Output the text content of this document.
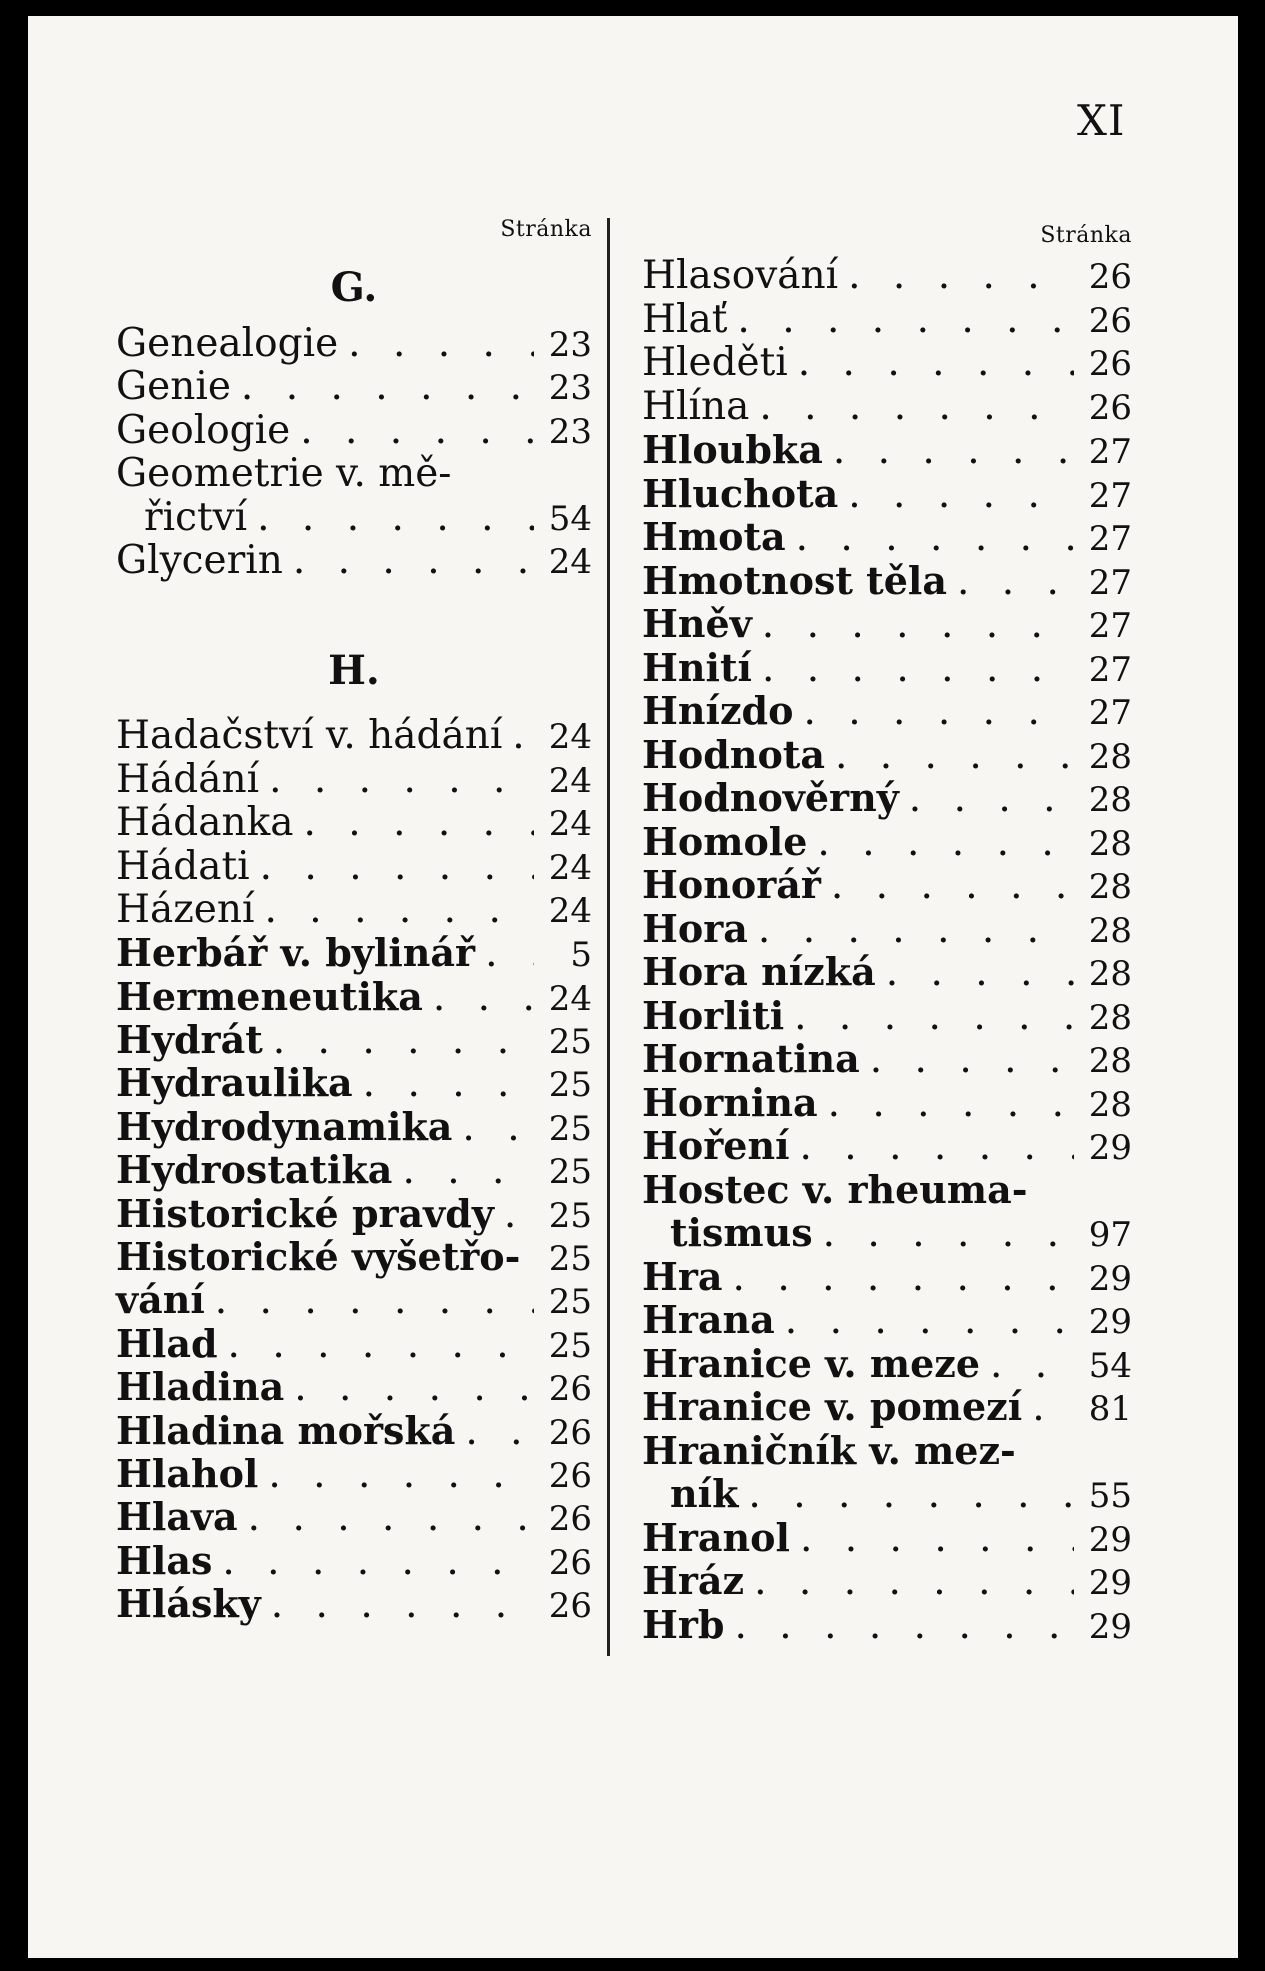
XI
Stránka
G.
Genealogie . . .	23
Genie . . .	23
Geologie . . .	23
Geometrie v. mě-
řictví . . .	54
Glycerin . . .	24
H.
Hadačství v. hádání . . .	24
Hádání . . .	24
Hádanka . . .	24
Hádati . . .	24
Házení . . .	24
Herbář v. bylinář . . .	5
Hermeneutika . . .	24
Hydrát . . .	25
Hydraulika . . .	25
Hydrodynamika . . .	25
Hydrostatika . . .	25
Historické pravdy . . .	25
Historické vyšetřo- . . . 25
vání . . .	25
Hlad . . .	25
Hladina . . .	26
Hladina mořská . . .	26
Hlahol . . .	26
Hlava . . .	26
Hlas . . .	26
Hlásky . . .	26
Stránka
Hlasování . . .	26
Hlať . . .	26
Hleděti . . .	26
Hlína . . .	26
Hloubka . . .	27
Hluchota . . .	27
Hmota . . .	27
Hmotnost těla . . .	27
Hněv . . .	27
Hnití . . .	27
Hnízdo . . .	27
Hodnota . . .	28
Hodnověrný . . .	28
Homole . . .	28
Honorář . . .	28
Hora . . .	28
Hora nízká . . .	28
Horliti . . .	28
Hornatina . . .	28
Hornina . . .	28
Hoření . . .	29
Hostec v. rheuma-
tismus . . .	97
Hra . . .	29
Hrana . . .	29
Hranice v. meze . . .	54
Hranice v. pomezí . . .	81
Hraničník v. mez-
ník . . .	55
Hranol . . .	29
Hráz . . .	29
Hrb . . .	29
